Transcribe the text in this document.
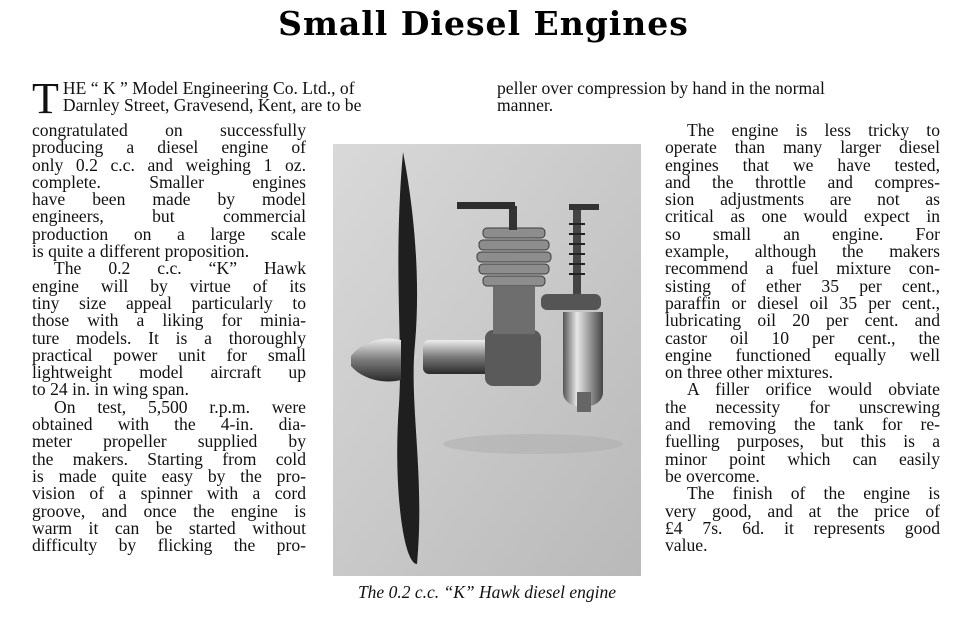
Small Diesel Engines
T HE “ K ” Model Engineering Co. Ltd., of
Darnley Street, Gravesend, Kent, are to be
congratulated on successfully
producing a diesel engine of
only 0.2 c.c. and weighing 1 oz.
complete. Smaller engines
have been made by model
engineers, but commercial
production on a large scale
is quite a different proposition.
The 0.2 c.c. “K” Hawk
engine will by virtue of its
tiny size appeal particularly to
those with a liking for minia-
ture models. It is a thoroughly
practical power unit for small
lightweight model aircraft up
to 24 in. in wing span.
On test, 5,500 r.p.m. were
obtained with the 4-in. dia-
meter propeller supplied by
the makers. Starting from cold
is made quite easy by the pro-
vision of a spinner with a cord
groove, and once the engine is
warm it can be started without
difficulty by flicking the pro-
The 0.2 c.c. “K” Hawk diesel engine
peller over compression by hand in the normal
manner.
The engine is less tricky to
operate than many larger diesel
engines that we have tested,
and the throttle and compres-
sion adjustments are not as
critical as one would expect in
so small an engine. For
example, although the makers
recommend a fuel mixture con-
sisting of ether 35 per cent.,
paraffin or diesel oil 35 per cent.,
lubricating oil 20 per cent. and
castor oil 10 per cent., the
engine functioned equally well
on three other mixtures.
A filler orifice would obviate
the necessity for unscrewing
and removing the tank for re-
fuelling purposes, but this is a
minor point which can easily
be overcome.
The finish of the engine is
very good, and at the price of
£4 7s. 6d. it represents good
value.
